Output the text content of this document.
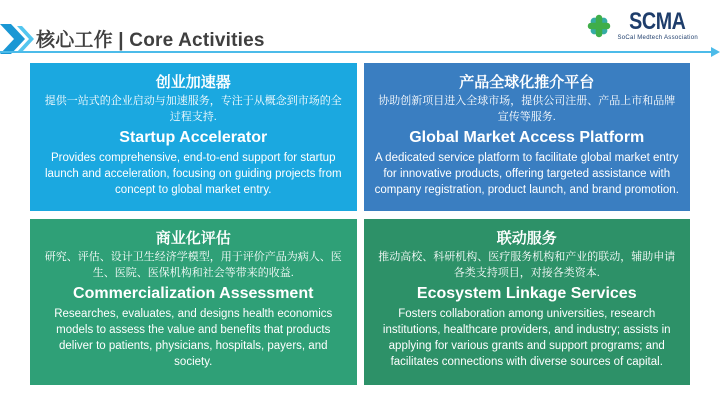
核心工作 | Core Activities
SCMA
SoCal Medtech Association
创业加速器
提供一站式的企业启动与加速服务，专注于从概念到市场的全过程支持.
Startup Accelerator
Provides comprehensive, end-to-end support for startup launch and acceleration, focusing on guiding projects from concept to global market entry.
产品全球化推介平台
协助创新项目进入全球市场，提供公司注册、产品上市和品牌宣传等服务.
Global Market Access Platform
A dedicated service platform to facilitate global market entry for innovative products, offering targeted assistance with company registration, product launch, and brand promotion.
商业化评估
研究、评估、设计卫生经济学模型，用于评价产品为病人、医生、医院、医保机构和社会等带来的收益.
Commercialization Assessment
Researches, evaluates, and designs health economics models to assess the value and benefits that products deliver to patients, physicians, hospitals, payers, and society.
联动服务
推动高校、科研机构、医疗服务机构和产业的联动，辅助申请各类支持项目，对接各类资本.
Ecosystem Linkage Services
Fosters collaboration among universities, research institutions, healthcare providers, and industry; assists in applying for various grants and support programs; and facilitates connections with diverse sources of capital.
